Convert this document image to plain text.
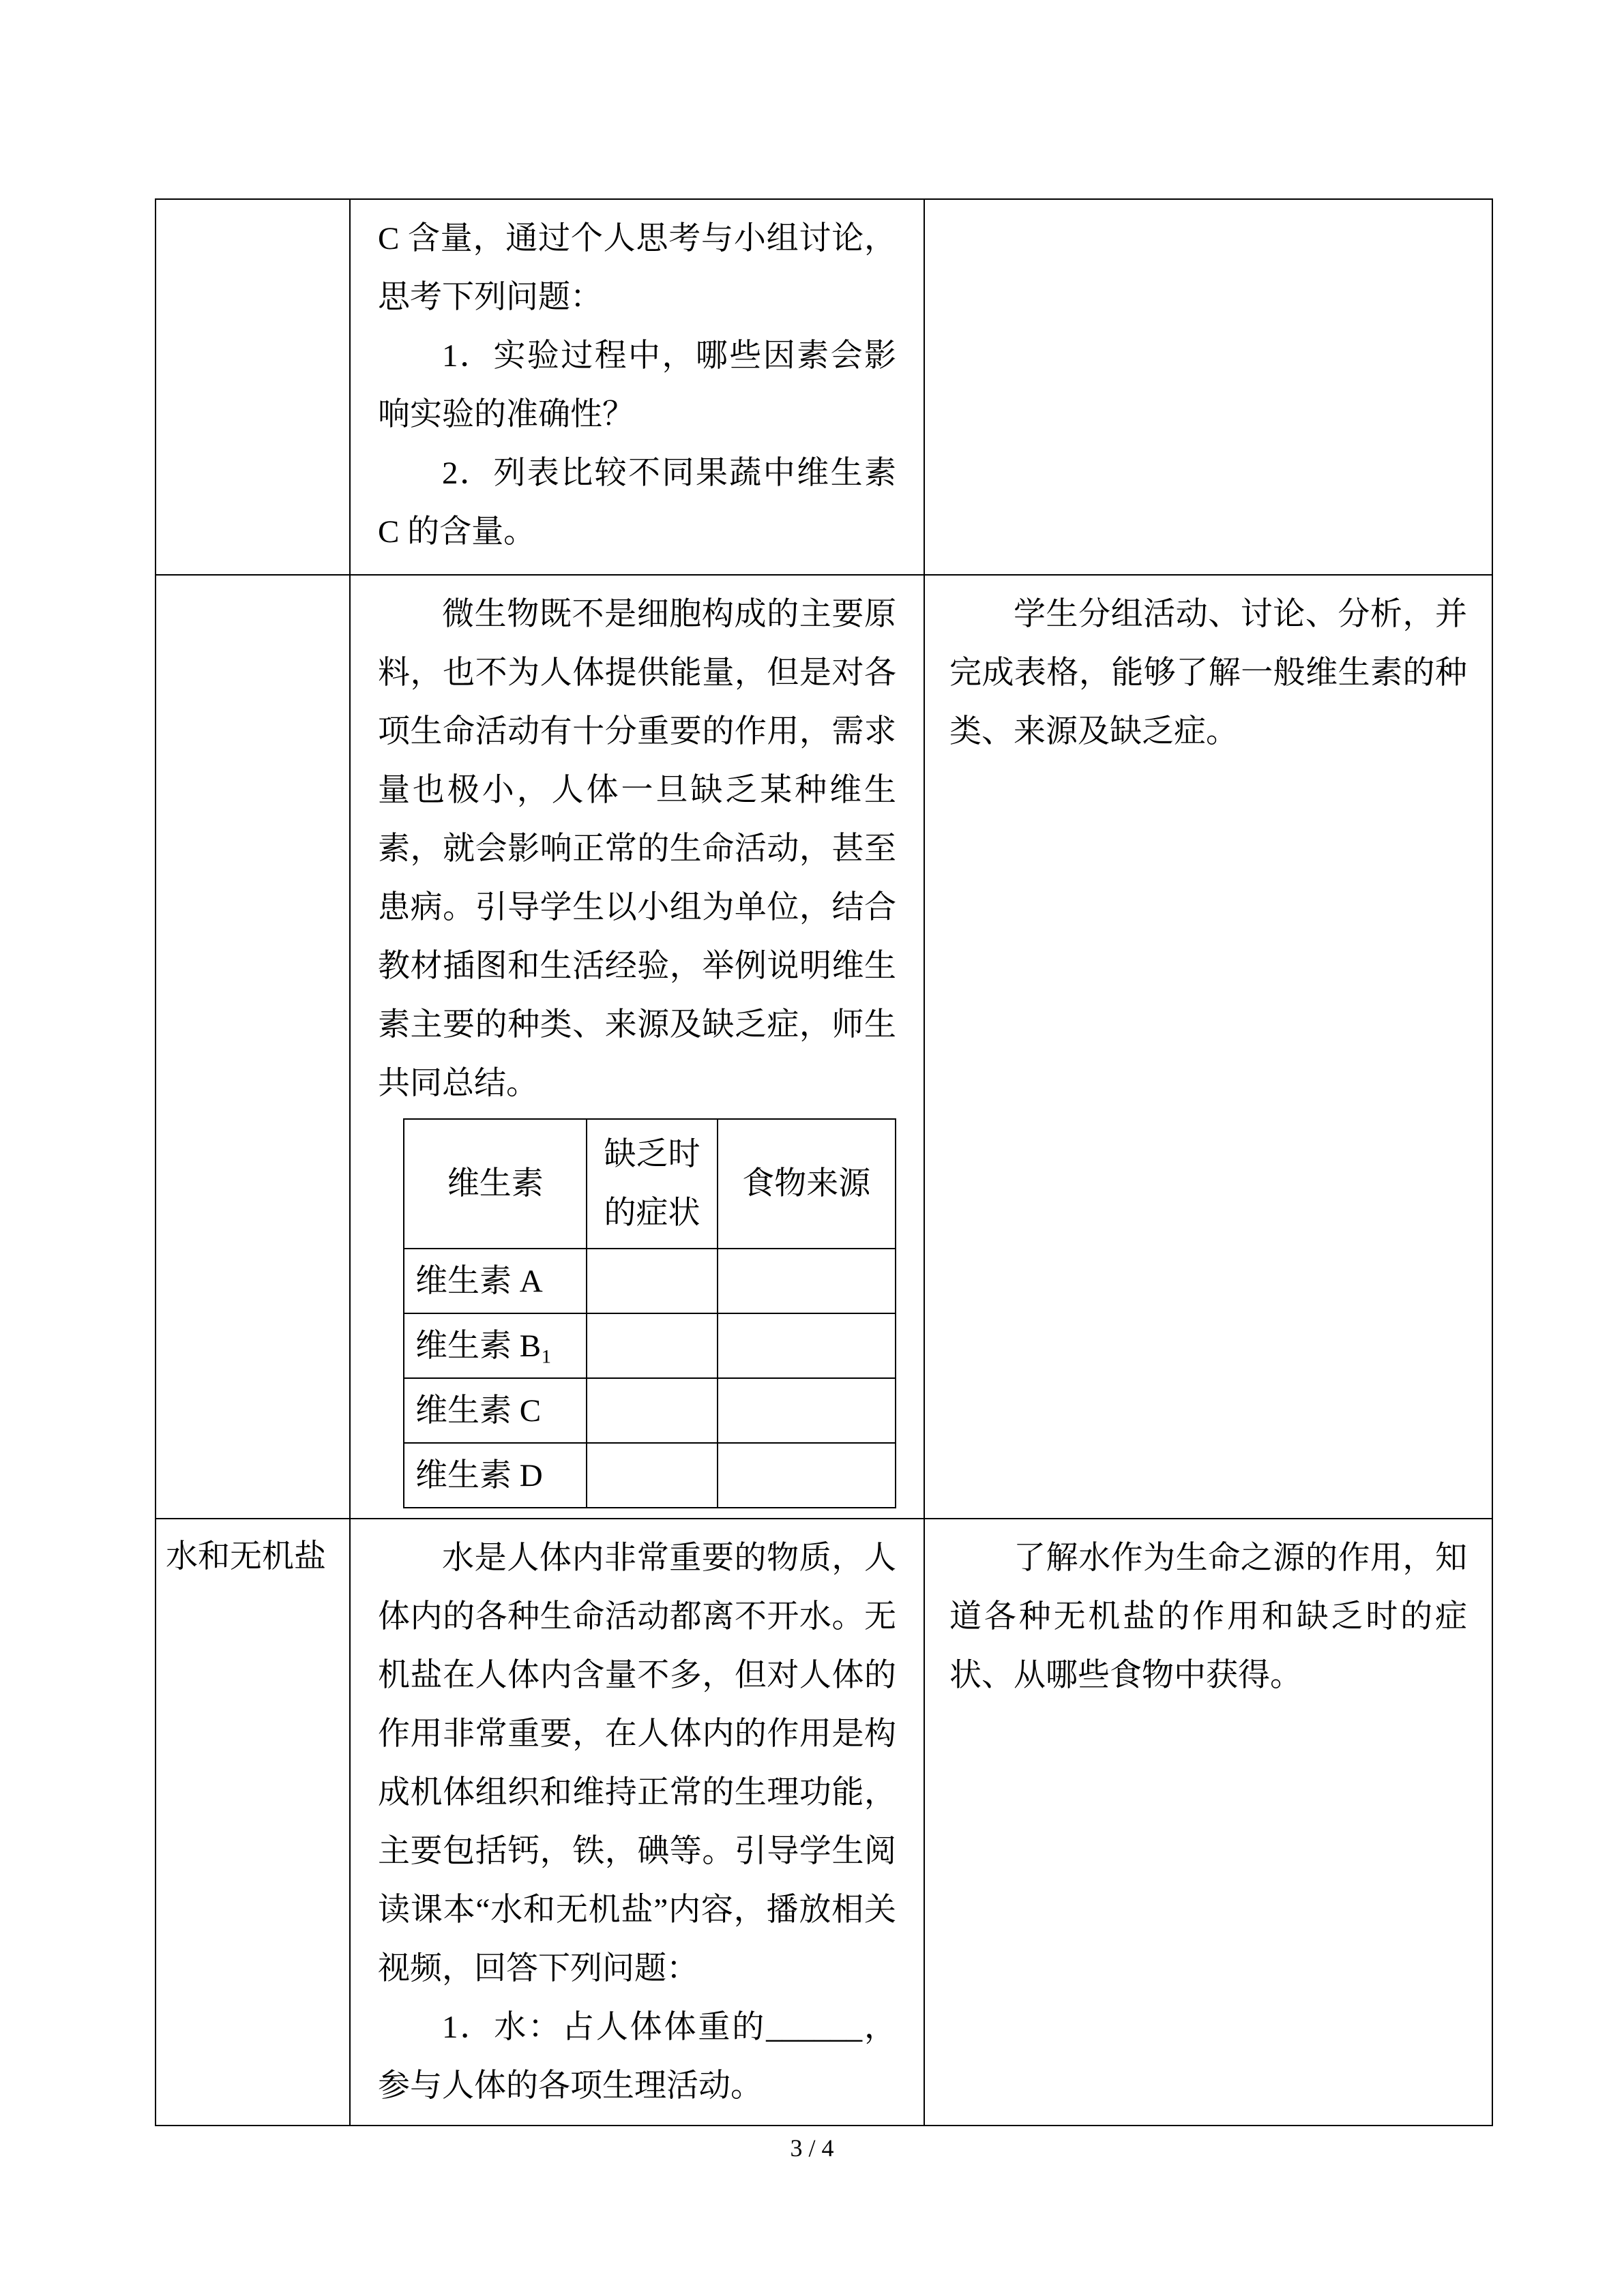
C 含量，通过个人思考与小组讨论，思考下列问题：

1．实验过程中，哪些因素会影响实验的准确性？

2．列表比较不同果蔬中维生素 C 的含量。

微生物既不是细胞构成的主要原料，也不为人体提供能量，但是对各项生命活动有十分重要的作用，需求量也极小，人体一旦缺乏某种维生素，就会影响正常的生命活动，甚至患病。引导学生以小组为单位，结合教材插图和生活经验，举例说明维生素主要的种类、来源及缺乏症，师生共同总结。

维生素	缺乏时的症状	食物来源
维生素 A		
维生素 B₁		
维生素 C		
维生素 D		

学生分组活动、讨论、分析，并完成表格，能够了解一般维生素的种类、来源及缺乏症。

水和无机盐	水是人体内非常重要的物质，人体内的各种生命活动都离不开水。无机盐在人体内含量不多，但对人体的作用非常重要，在人体内的作用是构成机体组织和维持正常的生理功能，主要包括钙，铁，碘等。引导学生阅读课本“水和无机盐”内容，播放相关视频，回答下列问题：

1．水：占人体体重的______，参与人体的各项生理活动。

了解水作为生命之源的作用，知道各种无机盐的作用和缺乏时的症状、从哪些食物中获得。

3 / 4
